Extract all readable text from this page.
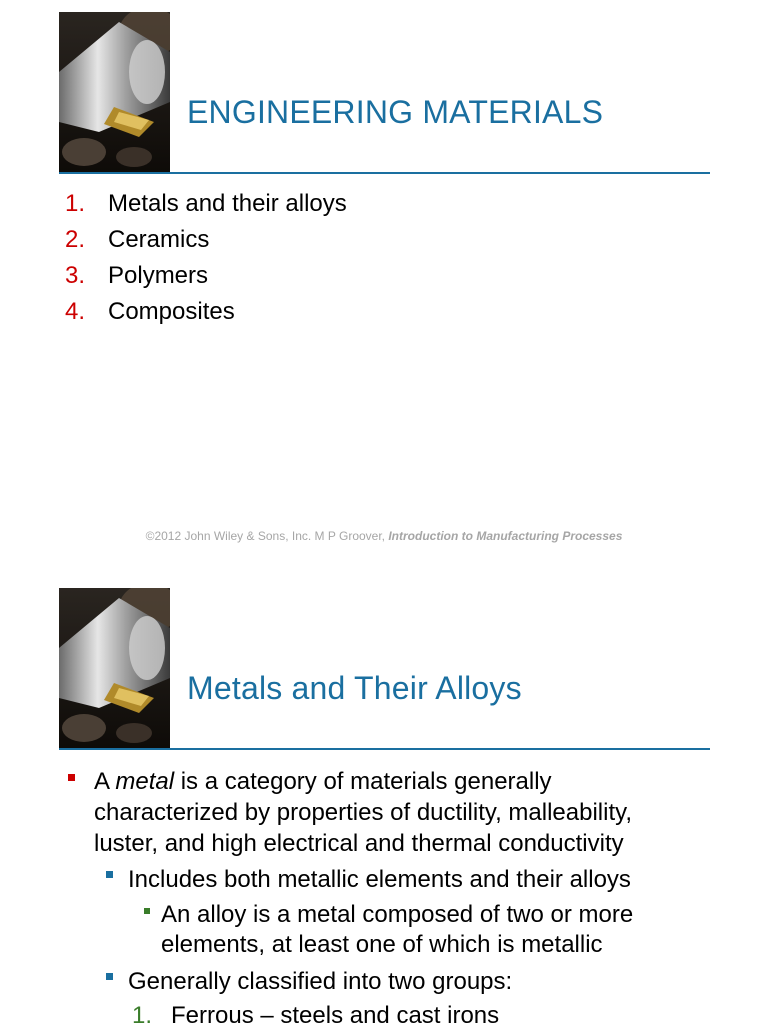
ENGINEERING MATERIALS
1. Metals and their alloys
2. Ceramics
3. Polymers
4. Composites
©2012 John Wiley & Sons, Inc. M P Groover, Introduction to Manufacturing Processes
Metals and Their Alloys
A metal is a category of materials generally
characterized by properties of ductility, malleability,
luster, and high electrical and thermal conductivity
Includes both metallic elements and their alloys
An alloy is a metal composed of two or more
elements, at least one of which is metallic
Generally classified into two groups:
1. Ferrous – steels and cast irons
